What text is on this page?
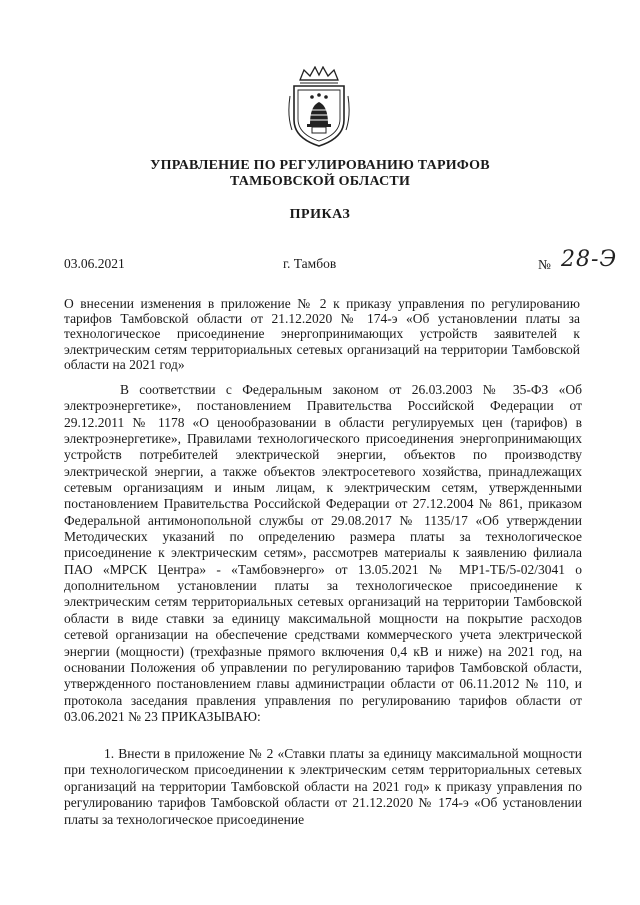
УПРАВЛЕНИЕ ПО РЕГУЛИРОВАНИЮ ТАРИФОВ
ТАМБОВСКОЙ ОБЛАСТИ
ПРИКАЗ
03.06.2021	г. Тамбов	№ 28-Э
О внесении изменения в приложение № 2 к приказу управления по регулированию тарифов Тамбовской области от 21.12.2020 № 174-э «Об установлении платы за технологическое присоединение энергопринимающих устройств заявителей к электрическим сетям территориальных сетевых организаций на территории Тамбовской области на 2021 год»
В соответствии с Федеральным законом от 26.03.2003 № 35-ФЗ «Об электроэнергетике», постановлением Правительства Российской Федерации от 29.12.2011 № 1178 «О ценообразовании в области регулируемых цен (тарифов) в электроэнергетике», Правилами технологического присоединения энергопринимающих устройств потребителей электрической энергии, объектов по производству электрической энергии, а также объектов электросетевого хозяйства, принадлежащих сетевым организациям и иным лицам, к электрическим сетям, утвержденными постановлением Правительства Российской Федерации от 27.12.2004 № 861, приказом Федеральной антимонопольной службы от 29.08.2017 № 1135/17 «Об утверждении Методических указаний по определению размера платы за технологическое присоединение к электрическим сетям», рассмотрев материалы к заявлению филиала ПАО «МРСК Центра» - «Тамбовэнерго» от 13.05.2021 № МР1-ТБ/5-02/3041 о дополнительном установлении платы за технологическое присоединение к электрическим сетям территориальных сетевых организаций на территории Тамбовской области в виде ставки за единицу максимальной мощности на покрытие расходов сетевой организации на обеспечение средствами коммерческого учета электрической энергии (мощности) (трехфазные прямого включения 0,4 кВ и ниже) на 2021 год, на основании Положения об управлении по регулированию тарифов Тамбовской области, утвержденного постановлением главы администрации области от 06.11.2012 № 110, и протокола заседания правления управления по регулированию тарифов области от 03.06.2021 № 23 ПРИКАЗЫВАЮ:
1. Внести в приложение № 2 «Ставки платы за единицу максимальной мощности при технологическом присоединении к электрическим сетям территориальных сетевых организаций на территории Тамбовской области на 2021 год» к приказу управления по регулированию тарифов Тамбовской области от 21.12.2020 № 174-э «Об установлении платы за технологическое присоединение
